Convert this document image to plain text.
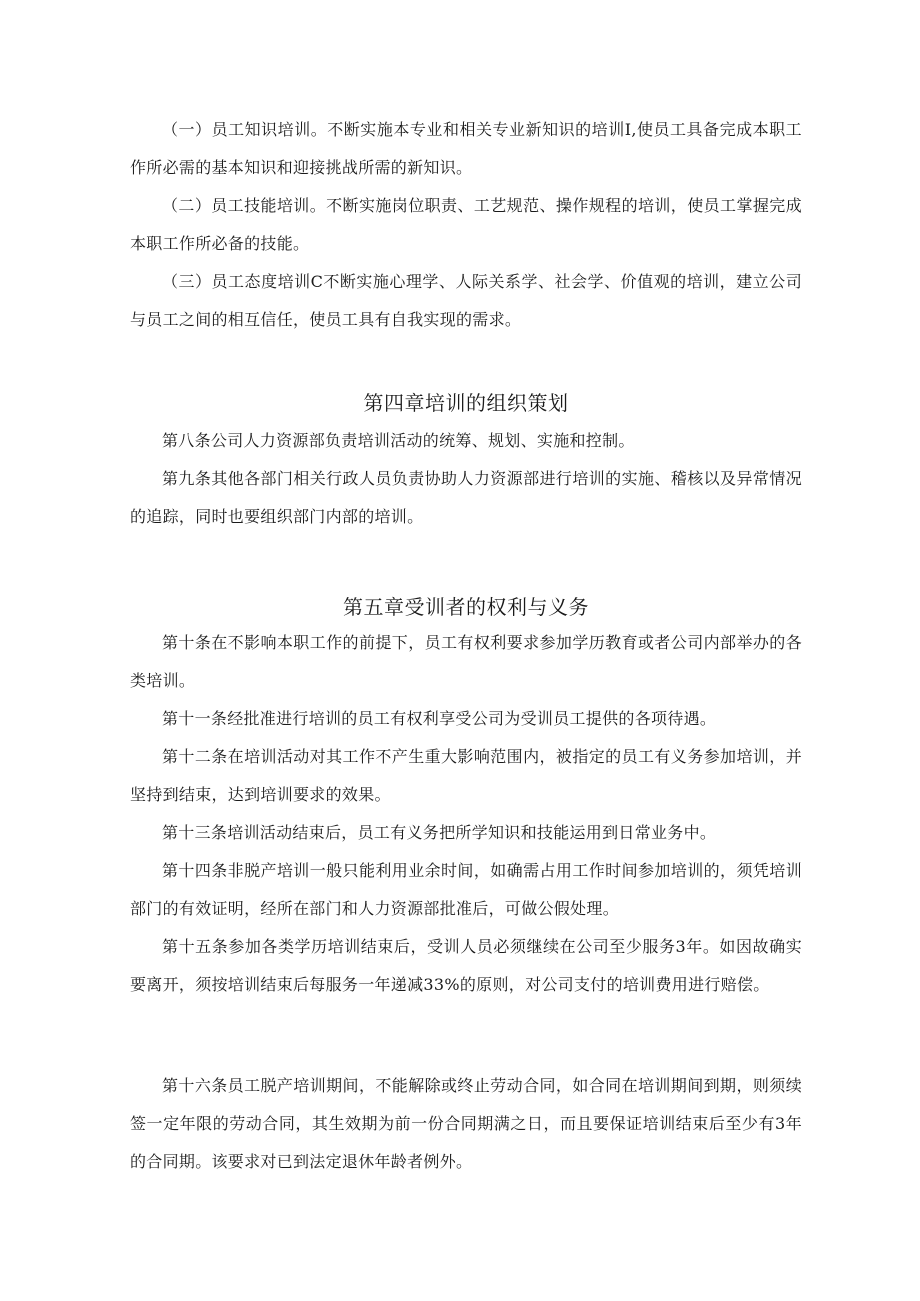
（一）员工知识培训。不断实施本专业和相关专业新知识的培训I,使员工具备完成本职工作所必需的基本知识和迎接挑战所需的新知识。

（二）员工技能培训。不断实施岗位职责、工艺规范、操作规程的培训，使员工掌握完成本职工作所必备的技能。

（三）员工态度培训C不断实施心理学、人际关系学、社会学、价值观的培训，建立公司与员工之间的相互信任，使员工具有自我实现的需求。

第四章培训的组织策划

第八条公司人力资源部负责培训活动的统筹、规划、实施和控制。

第九条其他各部门相关行政人员负责协助人力资源部进行培训的实施、稽核以及异常情况的追踪，同时也要组织部门内部的培训。

第五章受训者的权利与义务

第十条在不影响本职工作的前提下，员工有权利要求参加学历教育或者公司内部举办的各类培训。

第十一条经批准进行培训的员工有权利享受公司为受训员工提供的各项待遇。

第十二条在培训活动对其工作不产生重大影响范围内，被指定的员工有义务参加培训，并坚持到结束，达到培训要求的效果。

第十三条培训活动结束后，员工有义务把所学知识和技能运用到日常业务中。

第十四条非脱产培训一般只能利用业余时间，如确需占用工作时间参加培训的，须凭培训部门的有效证明，经所在部门和人力资源部批准后，可做公假处理。

第十五条参加各类学历培训结束后，受训人员必须继续在公司至少服务3年。如因故确实要离开，须按培训结束后每服务一年递减33%的原则，对公司支付的培训费用进行赔偿。

第十六条员工脱产培训期间，不能解除或终止劳动合同，如合同在培训期间到期，则须续签一定年限的劳动合同，其生效期为前一份合同期满之日，而且要保证培训结束后至少有3年的合同期。该要求对已到法定退休年龄者例外。
